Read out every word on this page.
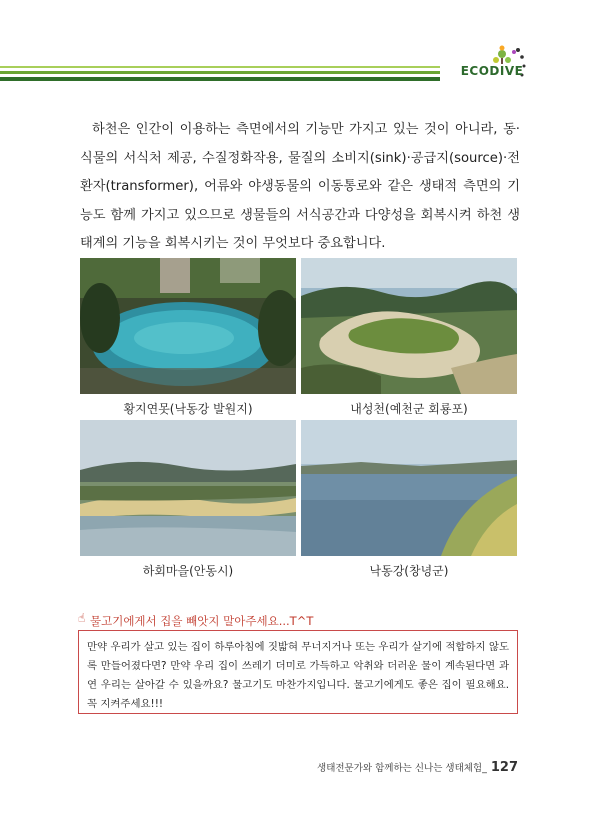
ECODIVE
하천은 인간이 이용하는 측면에서의 기능만 가지고 있는 것이 아니라, 동·식물의 서식처 제공, 수질정화작용, 물질의 소비지(sink)·공급지(source)·전환자(transformer), 어류와 야생동물의 이동통로와 같은 생태적 측면의 기능도 함께 가지고 있으므로 생물들의 서식공간과 다양성을 회복시켜 하천 생태계의 기능을 회복시키는 것이 무엇보다 중요합니다.
황지연못(낙동강 발원지)	내성천(예천군 회룡포)
하회마을(안동시)	낙동강(창녕군)
☝ 물고기에게서 집을 빼앗지 말아주세요...T^T
만약 우리가 살고 있는 집이 하루아침에 짓밟혀 무너지거나 또는 우리가 살기에 적합하지 않도록 만들어졌다면? 만약 우리 집이 쓰레기 더미로 가득하고 악취와 더러운 물이 계속된다면 과연 우리는 살아갈 수 있을까요? 물고기도 마찬가지입니다. 물고기에게도 좋은 집이 필요해요. 꼭 지켜주세요!!!
생태전문가와 함께하는 신나는 생태체험_ 127
